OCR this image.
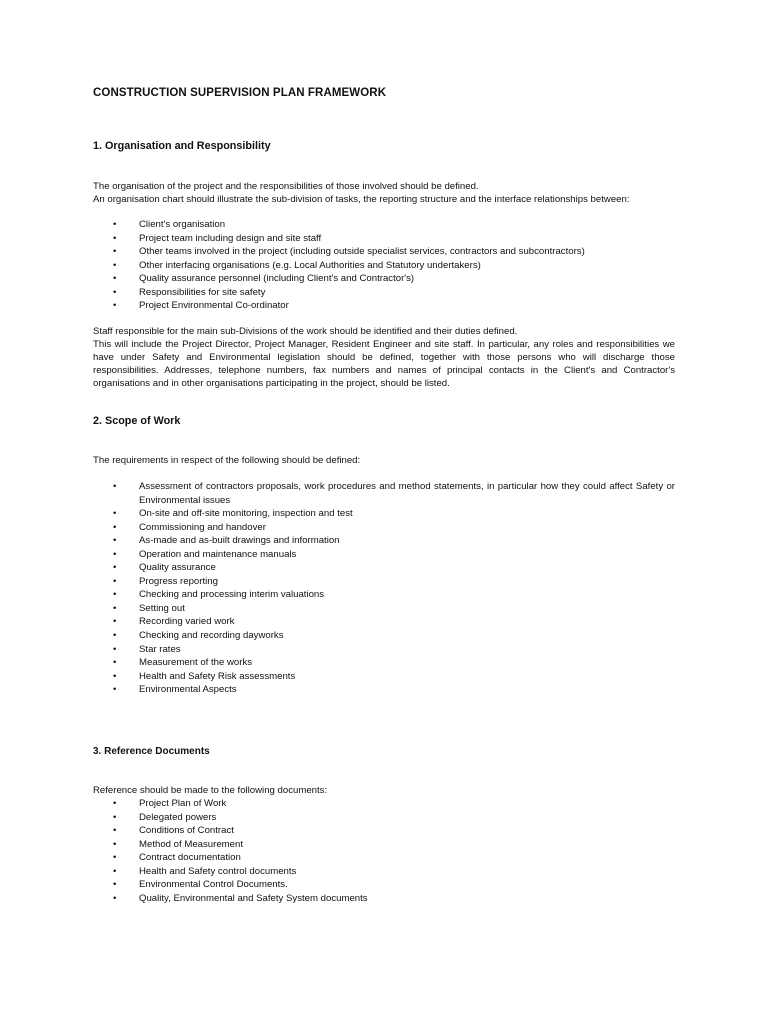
CONSTRUCTION SUPERVISION PLAN FRAMEWORK
1. Organisation and Responsibility

The organisation of the project and the responsibilities of those involved should be defined.

An organisation chart should illustrate the sub-division of tasks, the reporting structure and the interface relationships between:

• Client's organisation
• Project team including design and site staff
• Other teams involved in the project (including outside specialist services, contractors and subcontractors)
• Other interfacing organisations (e.g. Local Authorities and Statutory undertakers)
• Quality assurance personnel (including Client's and Contractor's)
• Responsibilities for site safety
• Project Environmental Co-ordinator

Staff responsible for the main sub-Divisions of the work should be identified and their duties defined.

This will include the Project Director, Project Manager, Resident Engineer and site staff. In particular, any roles and responsibilities we have under Safety and Environmental legislation should be defined, together with those persons who will discharge those responsibilities. Addresses, telephone numbers, fax numbers and names of principal contacts in the Client's and Contractor's organisations and in other organisations participating in the project, should be listed.

2. Scope of Work

The requirements in respect of the following should be defined:

• Assessment of contractors proposals, work procedures and method statements, in particular how they could affect Safety or Environmental issues
• On-site and off-site monitoring, inspection and test
• Commissioning and handover
• As-made and as-built drawings and information
• Operation and maintenance manuals
• Quality assurance
• Progress reporting
• Checking and processing interim valuations
• Setting out
• Recording varied work
• Checking and recording dayworks
• Star rates
• Measurement of the works
• Health and Safety Risk assessments
• Environmental Aspects
3. Reference Documents

Reference should be made to the following documents:

• Project Plan of Work
• Delegated powers
• Conditions of Contract
• Method of Measurement
• Contract documentation
• Health and Safety control documents
• Environmental Control Documents.
• Quality, Environmental and Safety System documents
